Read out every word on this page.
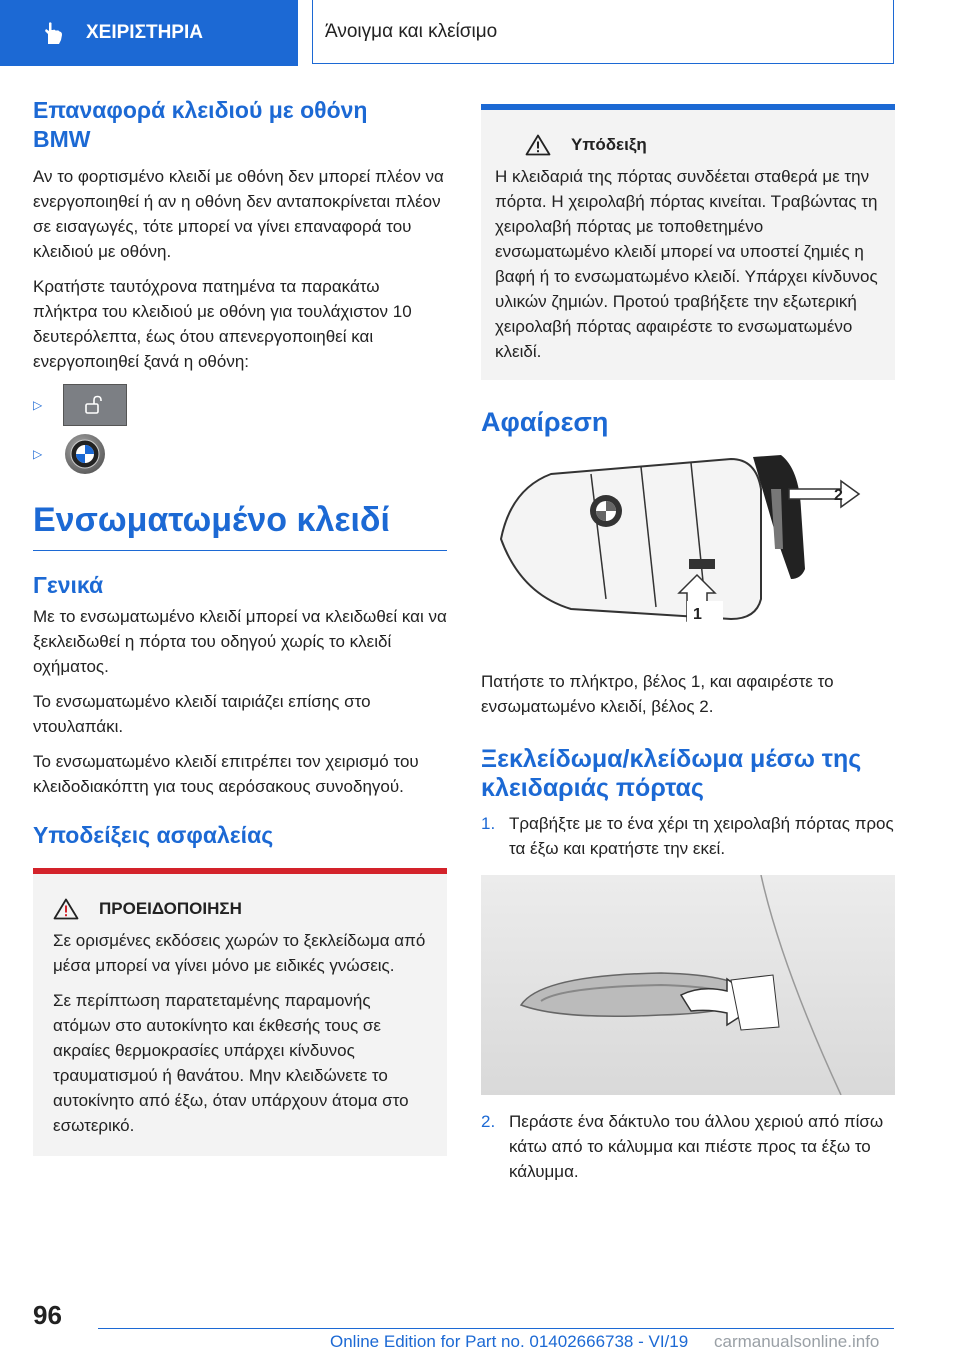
ΧΕΙΡΙΣΤΗΡΙΑ	Άνοιγμα και κλείσιμο
Επαναφορά κλειδιού με οθόνη BMW

Αν το φορτισμένο κλειδί με οθόνη δεν μπορεί πλέον να ενεργοποιηθεί ή αν η οθόνη δεν ανταποκρίνεται πλέον σε εισαγωγές, τότε μπορεί να γίνει επαναφορά του κλειδιού με οθόνη.

Κρατήστε ταυτόχρονα πατημένα τα παρακάτω πλήκτρα του κλειδιού με οθόνη για τουλάχιστον 10 δευτερόλεπτα, έως ότου απενεργοποιηθεί και ενεργοποιηθεί ξανά η οθόνη:

▷
▷
Ενσωματωμένο κλειδί
Γενικά

Με το ενσωματωμένο κλειδί μπορεί να κλειδωθεί και να ξεκλειδωθεί η πόρτα του οδηγού χωρίς το κλειδί οχήματος.

Το ενσωματωμένο κλειδί ταιριάζει επίσης στο ντουλαπάκι.

Το ενσωματωμένο κλειδί επιτρέπει τον χειρισμό του κλειδοδιακόπτη για τους αερόσακους συνοδηγού.

Υποδείξεις ασφαλείας
ΠΡΟΕΙΔΟΠΟΙΗΣΗ

Σε ορισμένες εκδόσεις χωρών το ξεκλείδωμα από μέσα μπορεί να γίνει μόνο με ειδικές γνώσεις.

Σε περίπτωση παρατεταμένης παραμονής ατόμων στο αυτοκίνητο και έκθεσής τους σε ακραίες θερμοκρασίες υπάρχει κίνδυνος τραυματισμού ή θανάτου. Μην κλειδώνετε το αυτοκίνητο από έξω, όταν υπάρχουν άτομα στο εσωτερικό.

Υπόδειξη

Η κλειδαριά της πόρτας συνδέεται σταθερά με την πόρτα. Η χειρολαβή πόρτας κινείται. Τραβώντας τη χειρολαβή πόρτας με τοποθετημένο ενσωματωμένο κλειδί μπορεί να υποστεί ζημιές η βαφή ή το ενσωματωμένο κλειδί. Υπάρχει κίνδυνος υλικών ζημιών. Προτού τραβήξετε την εξωτερική χειρολαβή πόρτας αφαιρέστε το ενσωματωμένο κλειδί.

Αφαίρεση
2
1

Πατήστε το πλήκτρο, βέλος 1, και αφαιρέστε το ενσωματωμένο κλειδί, βέλος 2.

Ξεκλείδωμα/κλείδωμα μέσω της κλειδαριάς πόρτας
1. Τραβήξτε με το ένα χέρι τη χειρολαβή πόρτας προς τα έξω και κρατήστε την εκεί.
2. Περάστε ένα δάκτυλο του άλλου χεριού από πίσω κάτω από το κάλυμμα και πιέστε προς τα έξω το κάλυμμα.
96
Online Edition for Part no. 01402666738 - VI/19 carmanualsonline.info
